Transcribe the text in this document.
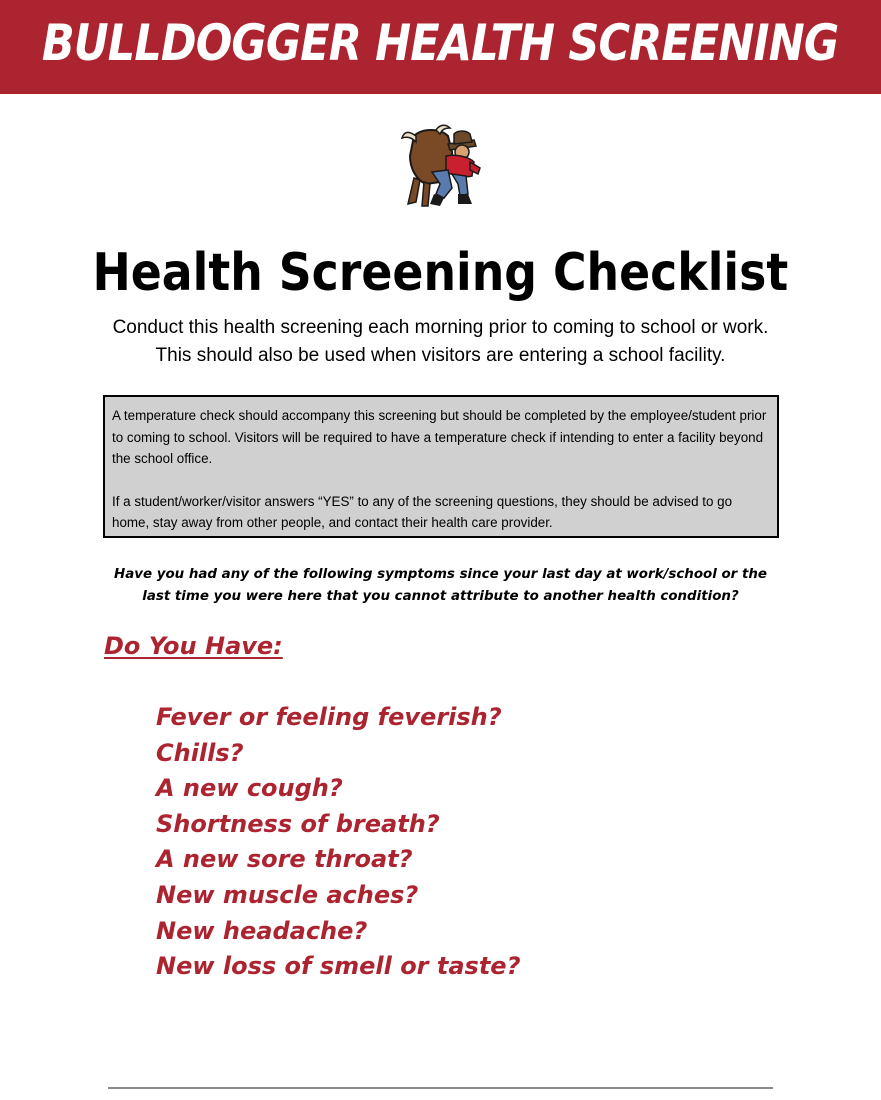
BULLDOGGER HEALTH SCREENING
Health Screening Checklist
Conduct this health screening each morning prior to coming to school or work. This should also be used when visitors are entering a school facility.

A temperature check should accompany this screening but should be completed by the employee/student prior to coming to school. Visitors will be required to have a temperature check if intending to enter a facility beyond the school office.

If a student/worker/visitor answers “YES” to any of the screening questions, they should be advised to go home, stay away from other people, and contact their health care provider.

Have you had any of the following symptoms since your last day at work/school or the last time you were here that you cannot attribute to another health condition?
Do You Have:
Fever or feeling feverish?
Chills?
A new cough?
Shortness of breath?
A new sore throat?
New muscle aches?
New headache?
New loss of smell or taste?
